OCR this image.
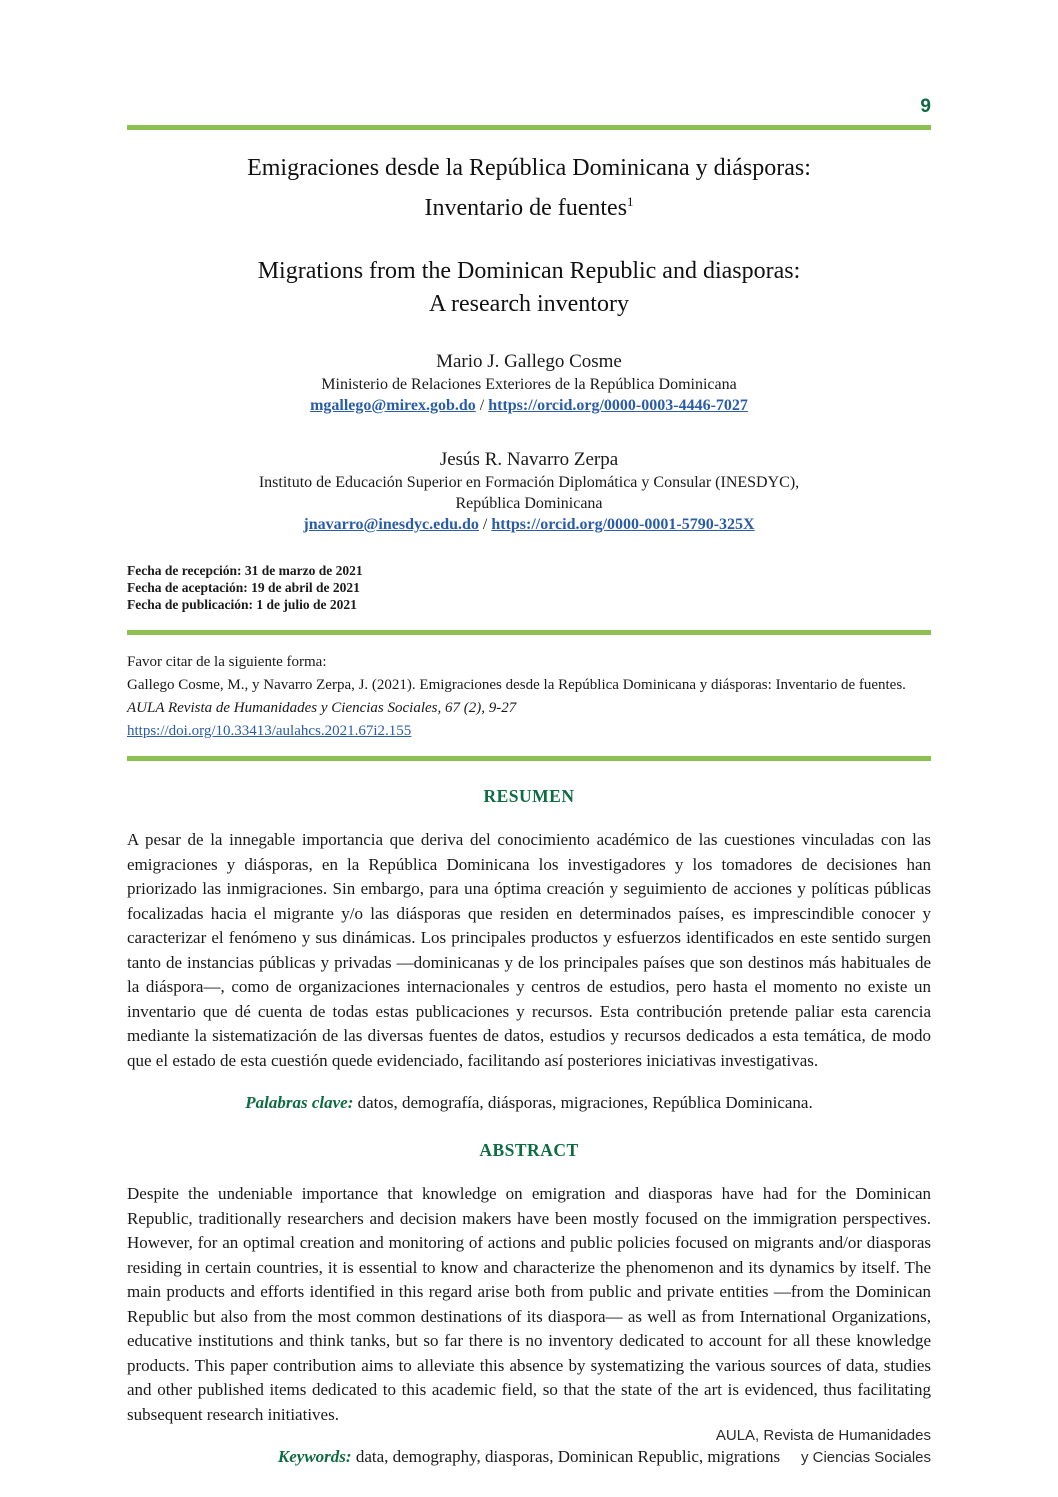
9
Emigraciones desde la República Dominicana y diásporas:
Inventario de fuentes$^1$
Migrations from the Dominican Republic and diasporas:
A research inventory
Mario J. Gallego Cosme
Ministerio de Relaciones Exteriores de la República Dominicana
mgallego@mirex.gob.do / https://orcid.org/0000-0003-4446-7027
Jesús R. Navarro Zerpa
Instituto de Educación Superior en Formación Diplomática y Consular (INESDYC),
República Dominicana
jnavarro@inesdyc.edu.do / https://orcid.org/0000-0001-5790-325X
Fecha de recepción: 31 de marzo de 2021
Fecha de aceptación: 19 de abril de 2021
Fecha de publicación: 1 de julio de 2021
Favor citar de la siguiente forma:
Gallego Cosme, M., y Navarro Zerpa, J. (2021). Emigraciones desde la República Dominicana y diásporas: Inventario de fuentes.
AULA Revista de Humanidades y Ciencias Sociales, 67 (2), 9-27
https://doi.org/10.33413/aulahcs.2021.67i2.155
RESUMEN
A pesar de la innegable importancia que deriva del conocimiento académico de las cuestiones vinculadas con las emigraciones y diásporas, en la República Dominicana los investigadores y los tomadores de decisiones han priorizado las inmigraciones. Sin embargo, para una óptima creación y seguimiento de acciones y políticas públicas focalizadas hacia el migrante y/o las diásporas que residen en determinados países, es imprescindible conocer y caracterizar el fenómeno y sus dinámicas. Los principales productos y esfuerzos identificados en este sentido surgen tanto de instancias públicas y privadas —dominicanas y de los principales países que son destinos más habituales de la diáspora—, como de organizaciones internacionales y centros de estudios, pero hasta el momento no existe un inventario que dé cuenta de todas estas publicaciones y recursos. Esta contribución pretende paliar esta carencia mediante la sistematización de las diversas fuentes de datos, estudios y recursos dedicados a esta temática, de modo que el estado de esta cuestión quede evidenciado, facilitando así posteriores iniciativas investigativas.
Palabras clave: datos, demografía, diásporas, migraciones, República Dominicana.
ABSTRACT
Despite the undeniable importance that knowledge on emigration and diasporas have had for the Dominican Republic, traditionally researchers and decision makers have been mostly focused on the immigration perspectives. However, for an optimal creation and monitoring of actions and public policies focused on migrants and/or diasporas residing in certain countries, it is essential to know and characterize the phenomenon and its dynamics by itself. The main products and efforts identified in this regard arise both from public and private entities —from the Dominican Republic but also from the most common destinations of its diaspora— as well as from International Organizations, educative institutions and think tanks, but so far there is no inventory dedicated to account for all these knowledge products. This paper contribution aims to alleviate this absence by systematizing the various sources of data, studies and other published items dedicated to this academic field, so that the state of the art is evidenced, thus facilitating subsequent research initiatives.
Keywords: data, demography, diasporas, Dominican Republic, migrations
AULA, Revista de Humanidades
y Ciencias Sociales
